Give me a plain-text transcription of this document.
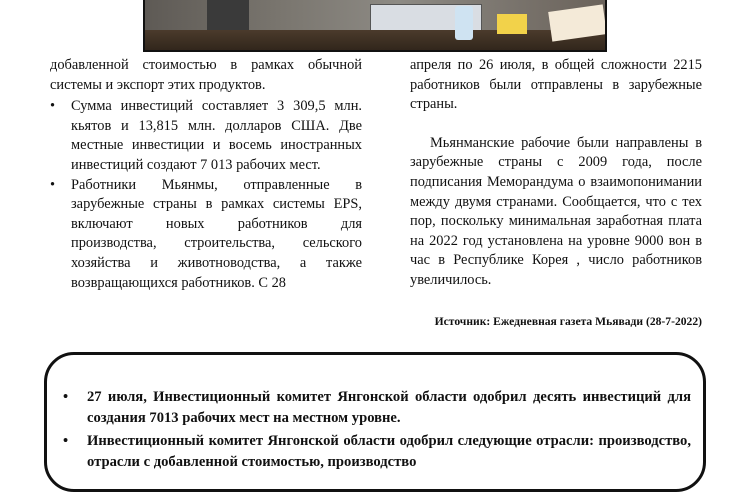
добавленной стоимостью в рамках обычной системы и экспорт этих продуктов.

• Сумма инвестиций составляет 3 309,5 млн. кьятов и 13,815 млн. долларов США. Две местные инвестиции и восемь иностранных инвестиций создают 7 013 рабочих мест.

• Работники Мьянмы, отправленные в зарубежные страны в рамках системы EPS, включают новых работников для производства, строительства, сельского хозяйства и животноводства, а также возвращающихся работников. С 28

апреля по 26 июля, в общей сложности 2215 работников были отправлены в зарубежные страны.

Мьянманские рабочие были направлены в зарубежные страны с 2009 года, после подписания Меморандума о взаимопонимании между двумя странами. Сообщается, что с тех пор, поскольку минимальная заработная плата на 2022 год установлена на уровне 9000 вон в час в Республике Корея , число работников увеличилось.

Источник: Ежедневная газета Мьявади (28-7-2022)
• 27 июля, Инвестиционный комитет Янгонской области одобрил десять инвестиций для создания 7013 рабочих мест на местном уровне.
• Инвестиционный комитет Янгонской области одобрил следующие отрасли: производство, отрасли с добавленной стоимостью, производство
